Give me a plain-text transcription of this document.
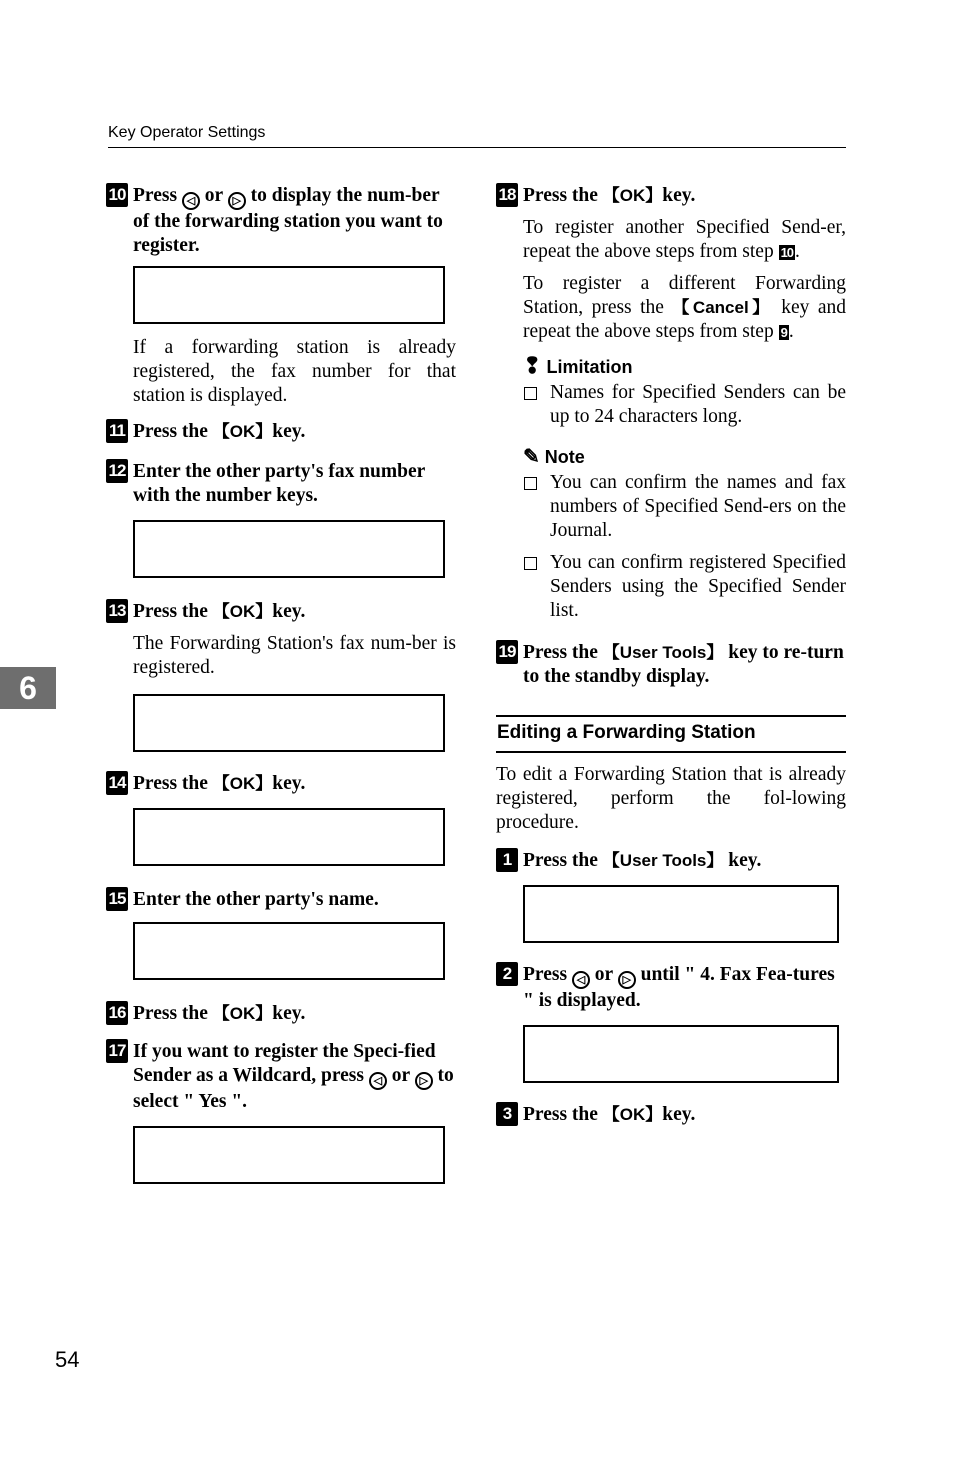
Key Operator Settings
6
54
10 Press ◁ or ▷ to display the num-ber of the forwarding station you want to register.

If a forwarding station is already registered, the fax number for that station is displayed.
11 Press the 【OK】key.
12 Enter the other party's fax number with the number keys.

13 Press the 【OK】key.
The Forwarding Station's fax num-ber is registered.

14 Press the 【OK】key.

15 Enter the other party's name.

16 Press the 【OK】key.
17 If you want to register the Speci-fied Sender as a Wildcard, press ◁ or ▷ to select " Yes ".

18 Press the 【OK】key.
To register another Specified Send-er, repeat the above steps from step 10 .
To register a different Forwarding Station, press the 【Cancel】 key and repeat the above steps from step 9 .
❢ Limitation
Names for Specified Senders can be up to 24 characters long.
✎ Note
You can confirm the names and fax numbers of Specified Send-ers on the Journal.
You can confirm registered Specified Senders using the Specified Sender list.
19 Press the 【User Tools】 key to re-turn to the standby display.
Editing a Forwarding Station
To edit a Forwarding Station that is already registered, perform the fol-lowing procedure.
1 Press the 【User Tools】 key.

2 Press ◁ or ▷ until " 4. Fax Fea-tures " is displayed.

3 Press the 【OK】key.
